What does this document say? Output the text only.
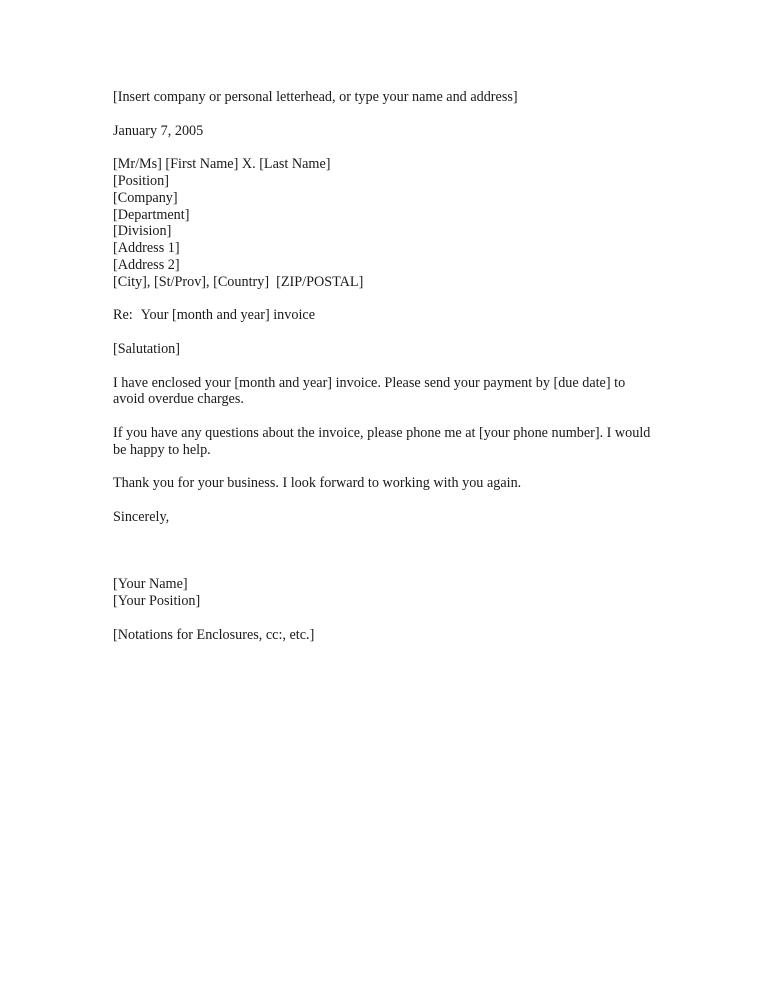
[Insert company or personal letterhead, or type your name and address]
January 7, 2005
[Mr/Ms] [First Name] X. [Last Name]
[Position]
[Company]
[Department]
[Division]
[Address 1]
[Address 2]
[City], [St/Prov], [Country]  [ZIP/POSTAL]
Re: Your [month and year] invoice
[Salutation]
I have enclosed your [month and year] invoice. Please send your payment by [due date] to avoid overdue charges.
If you have any questions about the invoice, please phone me at [your phone number]. I would be happy to help.
Thank you for your business. I look forward to working with you again.
Sincerely,
[Your Name]
[Your Position]
[Notations for Enclosures, cc:, etc.]
